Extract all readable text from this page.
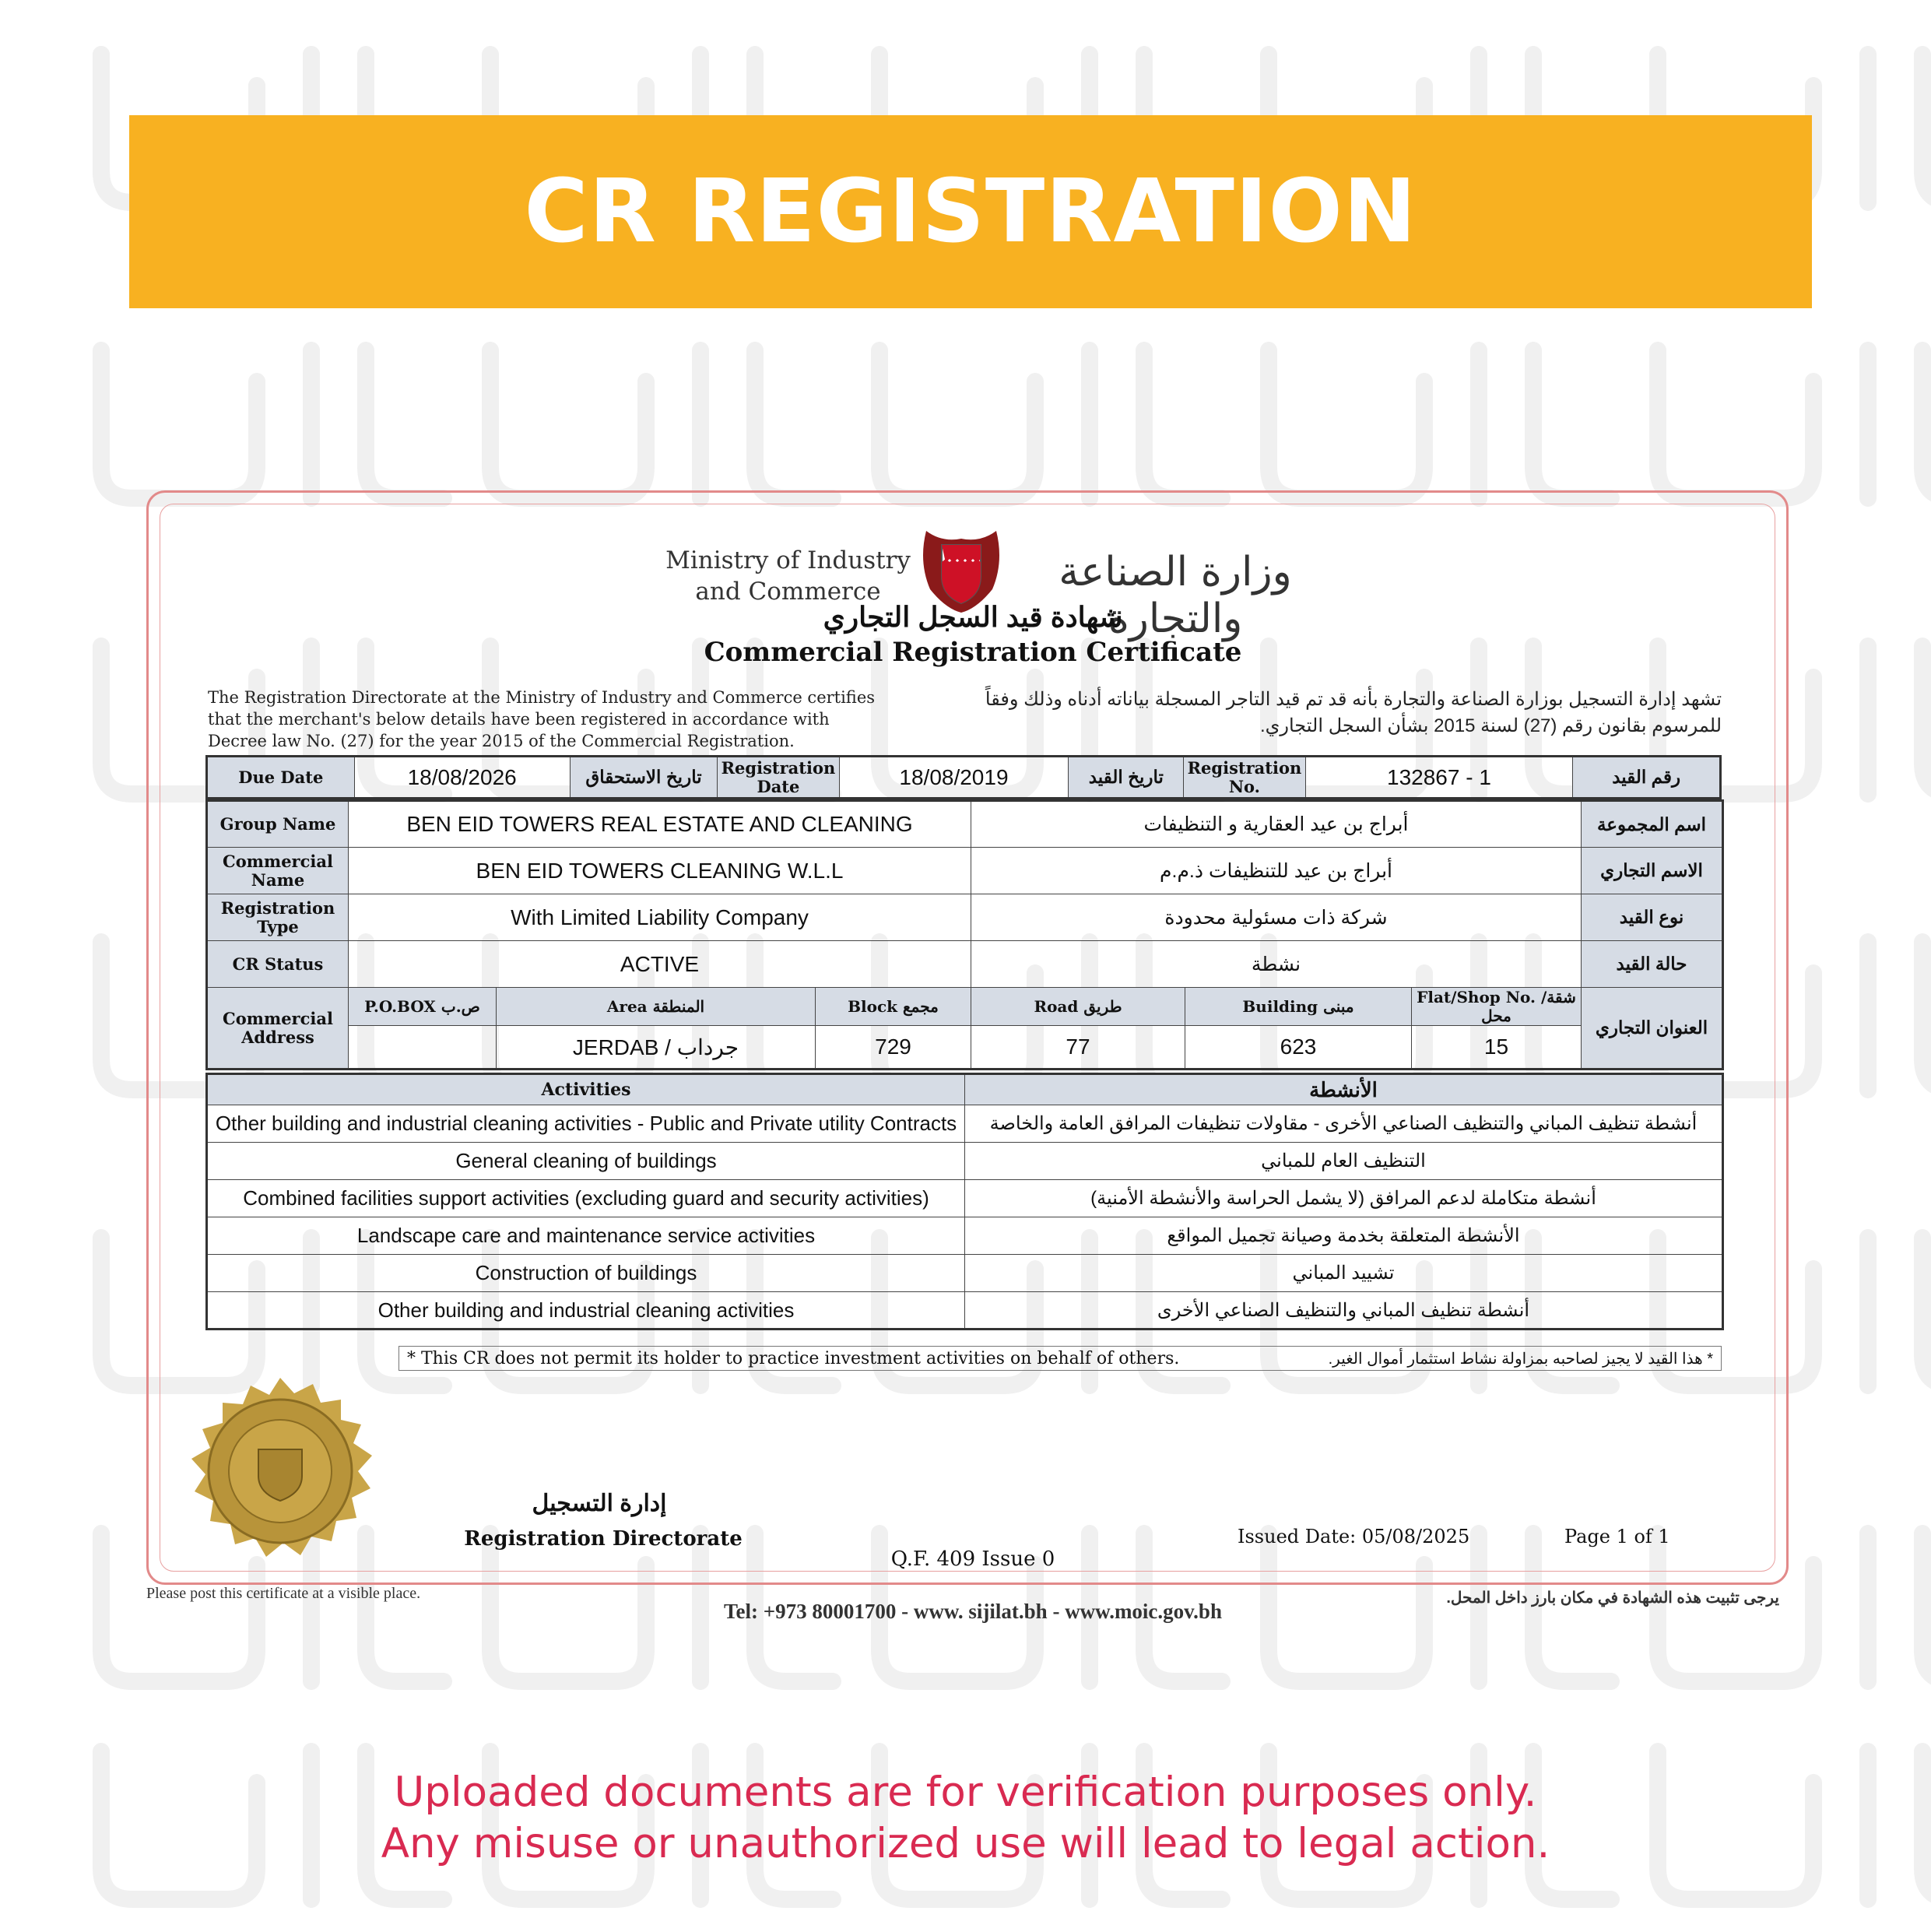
CR REGISTRATION
Ministry of Industry and Commerce	وزارة الصناعة والتجارة
شهادة قيد السجل التجاري
Commercial Registration Certificate
The Registration Directorate at the Ministry of Industry and Commerce certifies that the merchant's below details have been registered in accordance with Decree law No. (27) for the year 2015 of the Commercial Registration.
تشهد إدارة التسجيل بوزارة الصناعة والتجارة بأنه قد تم قيد التاجر المسجلة بياناته أدناه وذلك وفقاً للمرسوم بقانون رقم (27) لسنة 2015 بشأن السجل التجاري.
Due Date	18/08/2026	تاريخ الاستحقاق	Registration Date	18/08/2019	تاريخ القيد	Registration No.	132867 - 1	رقم القيد
Group Name	BEN EID TOWERS REAL ESTATE AND CLEANING			أبراج بن عيد العقارية و التنظيفات			اسم المجموعة
Commercial Name	BEN EID TOWERS CLEANING W.L.L			أبراج بن عيد للتنظيفات ذ.م.م			الاسم التجاري
Registration Type	With Limited Liability Company			شركة ذات مسئولية محدودة			نوع القيد
CR Status	ACTIVE			نشطة			حالة القيد
Commercial Address	P.O.BOX ص.ب	Area المنطقة	Block مجمع	Road طريق	Building مبنى	Flat/Shop No. شقة/محل	العنوان التجاري
		JERDAB / جرداب	729	77	623	15	
Activities	الأنشطة
Other building and industrial cleaning activities - Public and Private utility Contracts	أنشطة تنظيف المباني والتنظيف الصناعي الأخرى - مقاولات تنظيفات المرافق العامة والخاصة
General cleaning of buildings	التنظيف العام للمباني
Combined facilities support activities (excluding guard and security activities)	أنشطة متكاملة لدعم المرافق (لا يشمل الحراسة والأنشطة الأمنية)
Landscape care and maintenance service activities	الأنشطة المتعلقة بخدمة وصيانة تجميل المواقع
Construction of buildings	تشييد المباني
Other building and industrial cleaning activities	أنشطة تنظيف المباني والتنظيف الصناعي الأخرى
* This CR does not permit its holder to practice investment activities on behalf of others.	* هذا القيد لا يجيز لصاحبه بمزاولة نشاط استثمار أموال الغير.
إدارة التسجيل
Registration Directorate
Q.F. 409 Issue 0
Issued Date: 05/08/2025	Page 1 of 1
Please post this certificate at a visible place.	يرجى تثبيت هذه الشهادة في مكان بارز داخل المحل.
Tel: +973 80001700 - www. sijilat.bh - www.moic.gov.bh
Uploaded documents are for verification purposes only.
Any misuse or unauthorized use will lead to legal action.
